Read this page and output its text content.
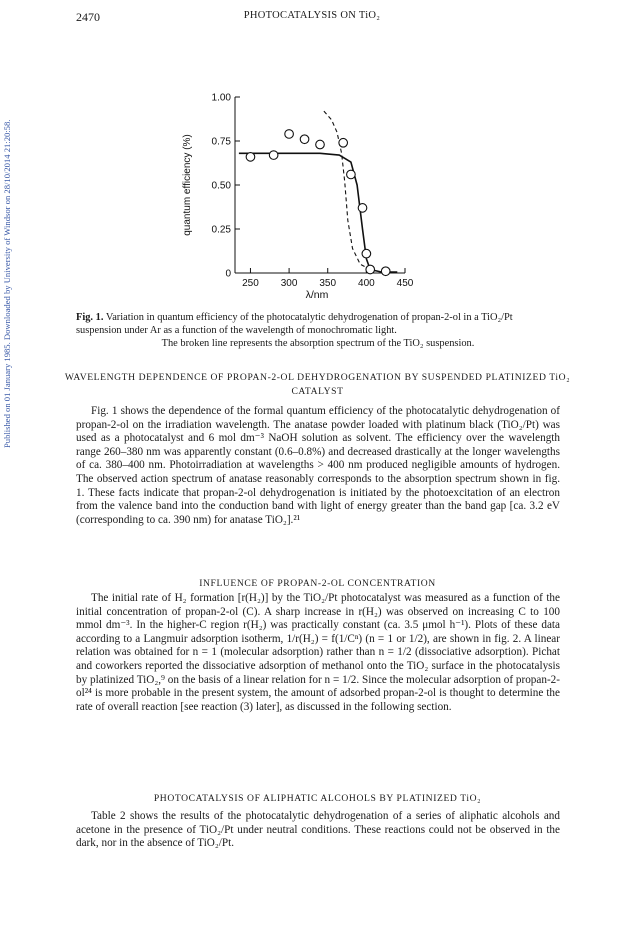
2470	PHOTOCATALYSIS ON TiO₂
Published on 01 January 1985. Downloaded by University of Windsor on 28/10/2014 21:20:58.	250 300 350 400 450
0
0.25
0.50
0.75
1.00
λ/nm
quantum efficiency (%)
Fig. 1. Variation in quantum efficiency of the photocatalytic dehydrogenation of propan-2-ol in a TiO₂/Pt suspension under Ar as a function of the wavelength of monochromatic light.
The broken line represents the absorption spectrum of the TiO₂ suspension.
WAVELENGTH DEPENDENCE OF PROPAN-2-OL DEHYDROGENATION BY SUSPENDED PLATINIZED TiO₂ CATALYST

Fig. 1 shows the dependence of the formal quantum efficiency of the photocatalytic dehydrogenation of propan-2-ol on the irradiation wavelength. The anatase powder loaded with platinum black (TiO₂/Pt) was used as a photocatalyst and 6 mol dm⁻³ NaOH solution as solvent. The efficiency over the wavelength range 260–380 nm was apparently constant (0.6–0.8%) and decreased drastically at the longer wavelengths of ca. 380–400 nm. Photoirradiation at wavelengths > 400 nm produced negligible amounts of hydrogen. The observed action spectrum of anatase reasonably corresponds to the absorption spectrum shown in fig. 1. These facts indicate that propan-2-ol dehydrogenation is initiated by the photoexcitation of an electron from the valence band into the conduction band with light of energy greater than the band gap [ca. 3.2 eV (corresponding to ca. 390 nm) for anatase TiO₂].²¹

INFLUENCE OF PROPAN-2-OL CONCENTRATION

The initial rate of H₂ formation [r(H₂)] by the TiO₂/Pt photocatalyst was measured as a function of the initial concentration of propan-2-ol (C). A sharp increase in r(H₂) was observed on increasing C to 100 mmol dm⁻³. In the higher-C region r(H₂) was practically constant (ca. 3.5 μmol h⁻¹). Plots of these data according to a Langmuir adsorption isotherm, 1/r(H₂) = f(1/Cⁿ) (n = 1 or 1/2), are shown in fig. 2. A linear relation was obtained for n = 1 (molecular adsorption) rather than n = 1/2 (dissociative adsorption). Pichat and coworkers reported the dissociative adsorption of methanol onto the TiO₂ surface in the photocatalysis by platinized TiO₂,⁹ on the basis of a linear relation for n = 1/2. Since the molecular adsorption of propan-2-ol²⁴ is more probable in the present system, the amount of adsorbed propan-2-ol is thought to determine the rate of overall reaction [see reaction (3) later], as discussed in the following section.

PHOTOCATALYSIS OF ALIPHATIC ALCOHOLS BY PLATINIZED TiO₂

Table 2 shows the results of the photocatalytic dehydrogenation of a series of aliphatic alcohols and acetone in the presence of TiO₂/Pt under neutral conditions. These reactions could not be observed in the dark, nor in the absence of TiO₂/Pt.
